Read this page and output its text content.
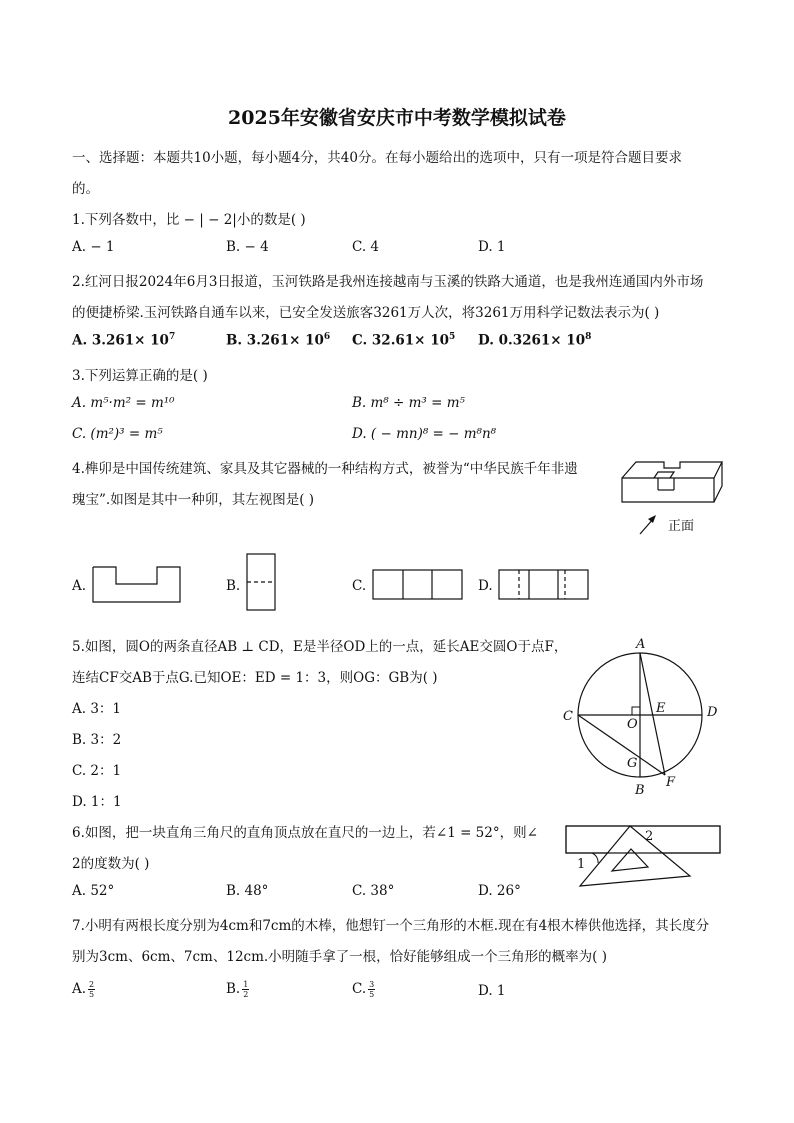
2025年安徽省安庆市中考数学模拟试卷
一、选择题：本题共10小题，每小题4分，共40分。在每小题给出的选项中，只有一项是符合题目要求
的。
1.下列各数中，比 − | − 2|小的数是( )
A. − 1	B. − 4	C. 4	D. 1
2.红河日报2024年6月3日报道，玉河铁路是我州连接越南与玉溪的铁路大通道，也是我州连通国内外市场
的便捷桥梁.玉河铁路自通车以来，已安全发送旅客3261万人次，将3261万用科学记数法表示为( )
A. $3.261\times 10^7$	B. $3.261\times 10^6$ C. $32.61\times 10^5$ D. $0.3261\times 10^8$
3.下列运算正确的是( )
A. m⁵·m² = m¹⁰	B. m⁸ ÷ m³ = m⁵
C. (m²)³ = m⁵	D. ( − mn)⁸ = − m⁸n⁸
4.榫卯是中国传统建筑、家具及其它器械的一种结构方式，被誉为“中华民族千年非遗
瑰宝”.如图是其中一种卯，其左视图是( )
正面
A.	B.	C.	D.
5.如图，圆O的两条直径AB ⊥ CD，E是半径OD上的一点，延长AE交圆O于点F，
连结CF交AB于点G.已知OE：ED = 1：3，则OG：GB为( )
A. 3：1
B. 3：2
C. 2：1
D. 1：1
A
B
C	D
O
E
F
G
6.如图，把一块直角三角尺的直角顶点放在直尺的一边上，若∠1 = 52°，则∠
2的度数为( )
A. 52°	B. 48°	C. 38°	D. 26°
1
2
7.小明有两根长度分别为4cm和7cm的木棒，他想钉一个三角形的木框.现在有4根木棒供他选择，其长度分
别为3cm、6cm、7cm、12cm.小明随手拿了一根，恰好能够组成一个三角形的概率为( )
A. $\frac{2}{5}$	B. $\frac{1}{2}$	C. $\frac{3}{5}$	D. 1
